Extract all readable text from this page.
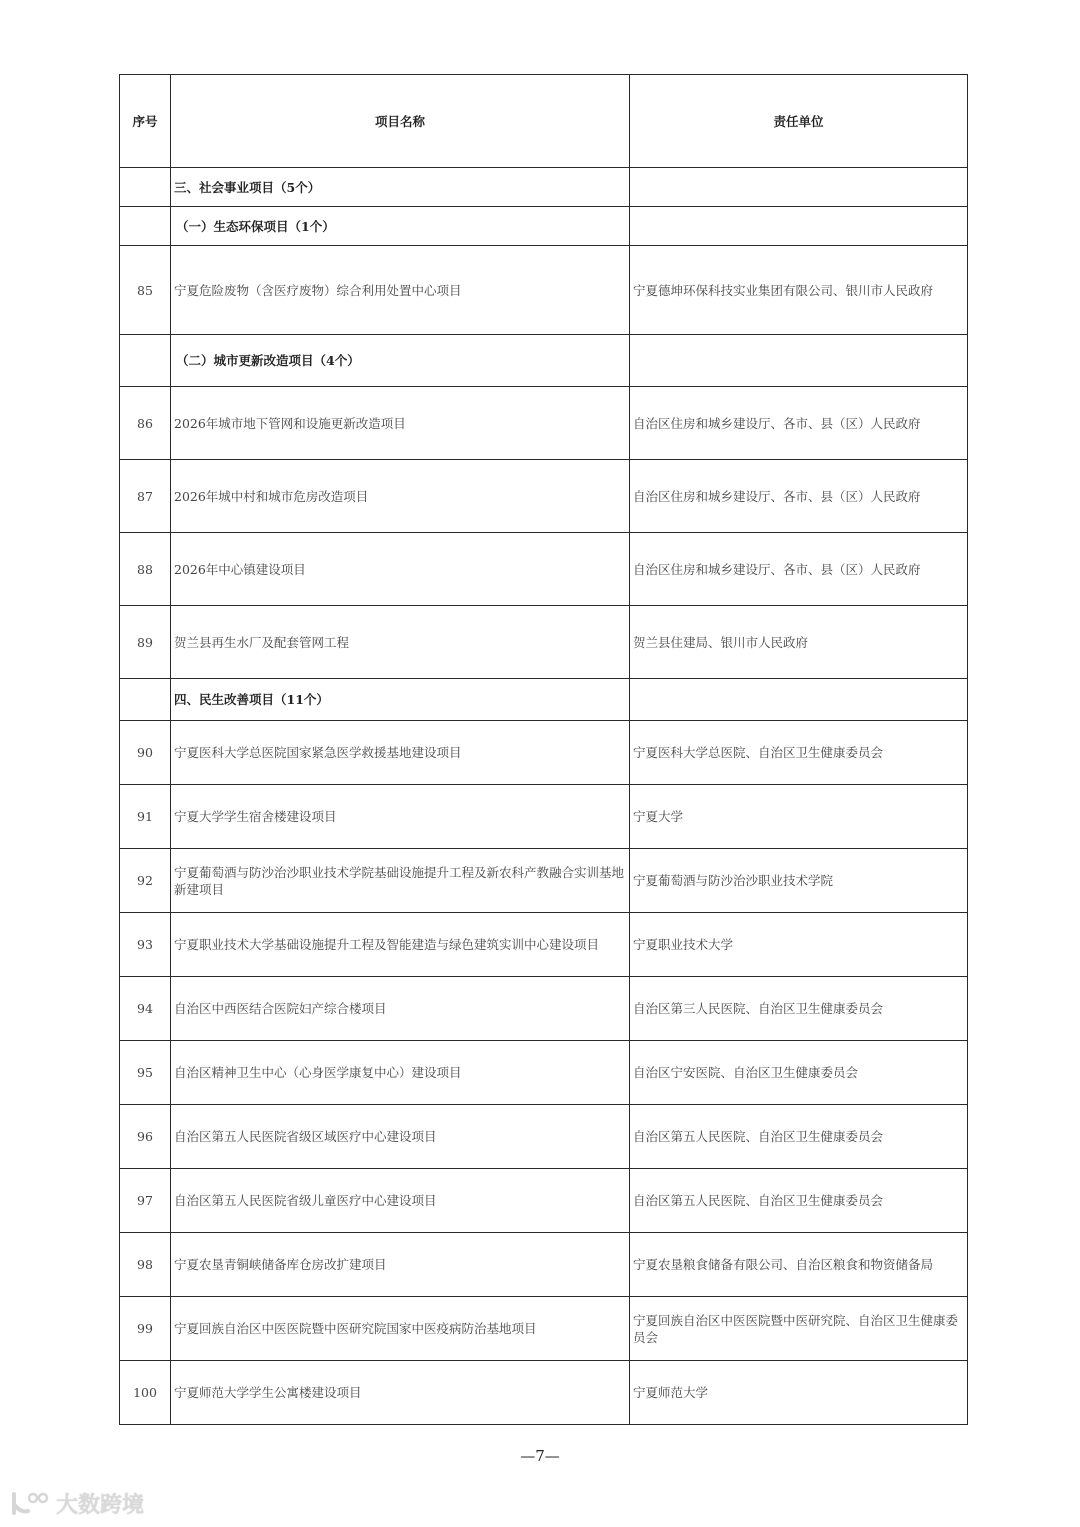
序号	项目名称	责任单位
	三、社会事业项目（5个）	
	（一）生态环保项目（1个）	
85	宁夏危险废物（含医疗废物）综合利用处置中心项目	宁夏德坤环保科技实业集团有限公司、银川市人民政府
	（二）城市更新改造项目（4个）	
86	2026年城市地下管网和设施更新改造项目	自治区住房和城乡建设厅、各市、县（区）人民政府
87	2026年城中村和城市危房改造项目	自治区住房和城乡建设厅、各市、县（区）人民政府
88	2026年中心镇建设项目	自治区住房和城乡建设厅、各市、县（区）人民政府
89	贺兰县再生水厂及配套管网工程	贺兰县住建局、银川市人民政府
	四、民生改善项目（11个）	
90	宁夏医科大学总医院国家紧急医学救援基地建设项目	宁夏医科大学总医院、自治区卫生健康委员会
91	宁夏大学学生宿舍楼建设项目	宁夏大学
92	宁夏葡萄酒与防沙治沙职业技术学院基础设施提升工程及新农科产教融合实训基地新建项目	宁夏葡萄酒与防沙治沙职业技术学院
93	宁夏职业技术大学基础设施提升工程及智能建造与绿色建筑实训中心建设项目	宁夏职业技术大学
94	自治区中西医结合医院妇产综合楼项目	自治区第三人民医院、自治区卫生健康委员会
95	自治区精神卫生中心（心身医学康复中心）建设项目	自治区宁安医院、自治区卫生健康委员会
96	自治区第五人民医院省级区域医疗中心建设项目	自治区第五人民医院、自治区卫生健康委员会
97	自治区第五人民医院省级儿童医疗中心建设项目	自治区第五人民医院、自治区卫生健康委员会
98	宁夏农垦青铜峡储备库仓房改扩建项目	宁夏农垦粮食储备有限公司、自治区粮食和物资储备局
99	宁夏回族自治区中医医院暨中医研究院国家中医疫病防治基地项目	宁夏回族自治区中医医院暨中医研究院、自治区卫生健康委员会
100	宁夏师范大学学生公寓楼建设项目	宁夏师范大学
—7—
大数跨境
